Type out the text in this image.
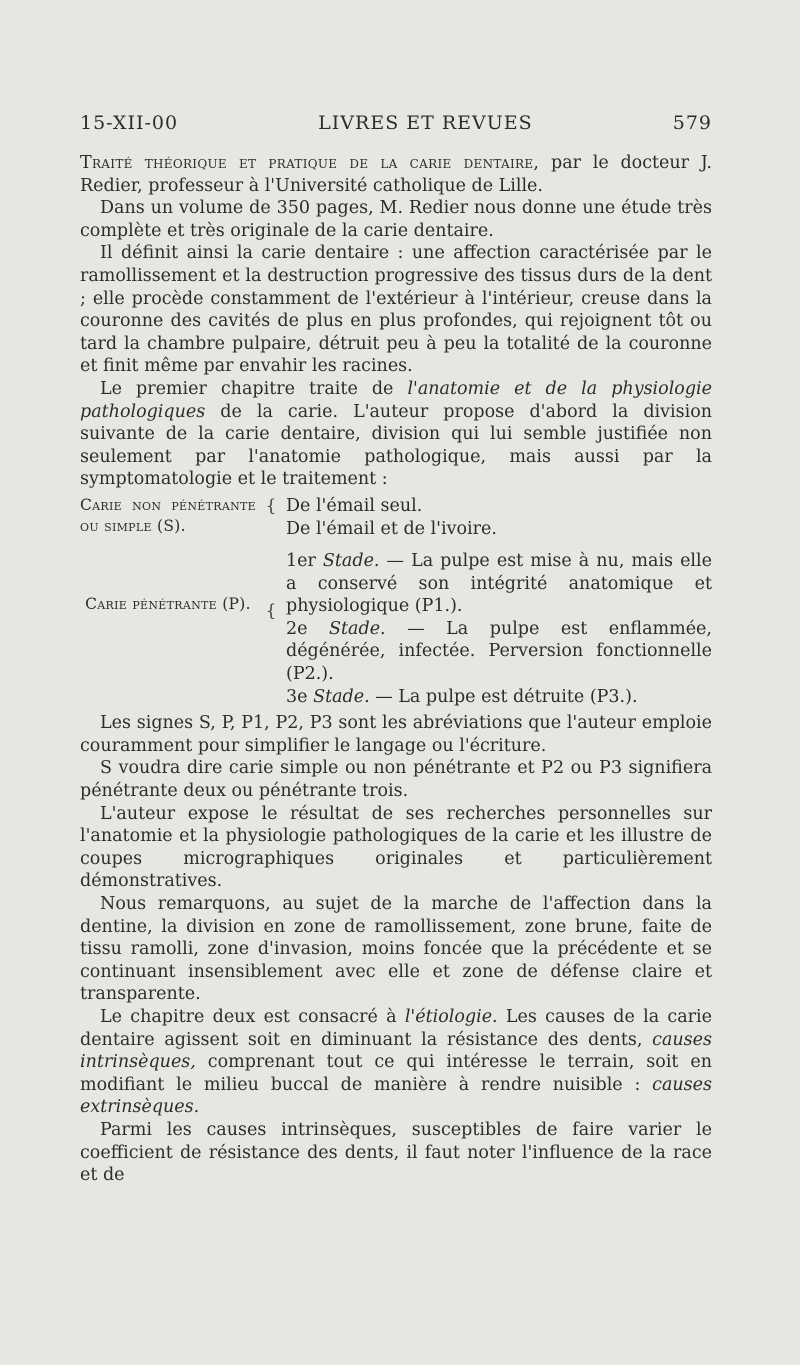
15-XII-00	LIVRES ET REVUES	579

Traité théorique et pratique de la carie dentaire, par le docteur J. Redier, professeur à l'Université catholique de Lille.

Dans un volume de 350 pages, M. Redier nous donne une étude très complète et très originale de la carie dentaire.

Il définit ainsi la carie dentaire : une affection caractérisée par le ramollissement et la destruction progressive des tissus durs de la dent ; elle procède constamment de l'extérieur à l'intérieur, creuse dans la couronne des cavités de plus en plus profondes, qui rejoignent tôt ou tard la chambre pulpaire, détruit peu à peu la totalité de la couronne et finit même par envahir les racines.

Le premier chapitre traite de l'anatomie et de la physiologie pathologiques de la carie. L'auteur propose d'abord la division suivante de la carie dentaire, division qui lui semble justifiée non seulement par l'anatomie pathologique, mais aussi par la symptomatologie et le traitement :

Carie non pénétrante ou simple (S).
{ De l'émail seul.

De l'émail et de l'ivoire.

Carie pénétrante (P). {

1er Stade. — La pulpe est mise à nu, mais elle a conservé son intégrité anatomique et physiologique (P1.).

2e Stade. — La pulpe est enflammée, dégénérée, infectée. Perversion fonctionnelle (P2.).

3e Stade. — La pulpe est détruite (P3.).

Les signes S, P, P1, P2, P3 sont les abréviations que l'auteur emploie couramment pour simplifier le langage ou l'écriture.

S voudra dire carie simple ou non pénétrante et P2 ou P3 signifiera pénétrante deux ou pénétrante trois.

L'auteur expose le résultat de ses recherches personnelles sur l'anatomie et la physiologie pathologiques de la carie et les illustre de coupes micrographiques originales et particulièrement démonstratives.

Nous remarquons, au sujet de la marche de l'affection dans la dentine, la division en zone de ramollissement, zone brune, faite de tissu ramolli, zone d'invasion, moins foncée que la précédente et se continuant insensiblement avec elle et zone de défense claire et transparente.

Le chapitre deux est consacré à l'étiologie. Les causes de la carie dentaire agissent soit en diminuant la résistance des dents, causes intrinsèques, comprenant tout ce qui intéresse le terrain, soit en modifiant le milieu buccal de manière à rendre nuisible : causes extrinsèques.

Parmi les causes intrinsèques, susceptibles de faire varier le coefficient de résistance des dents, il faut noter l'influence de la race et de
